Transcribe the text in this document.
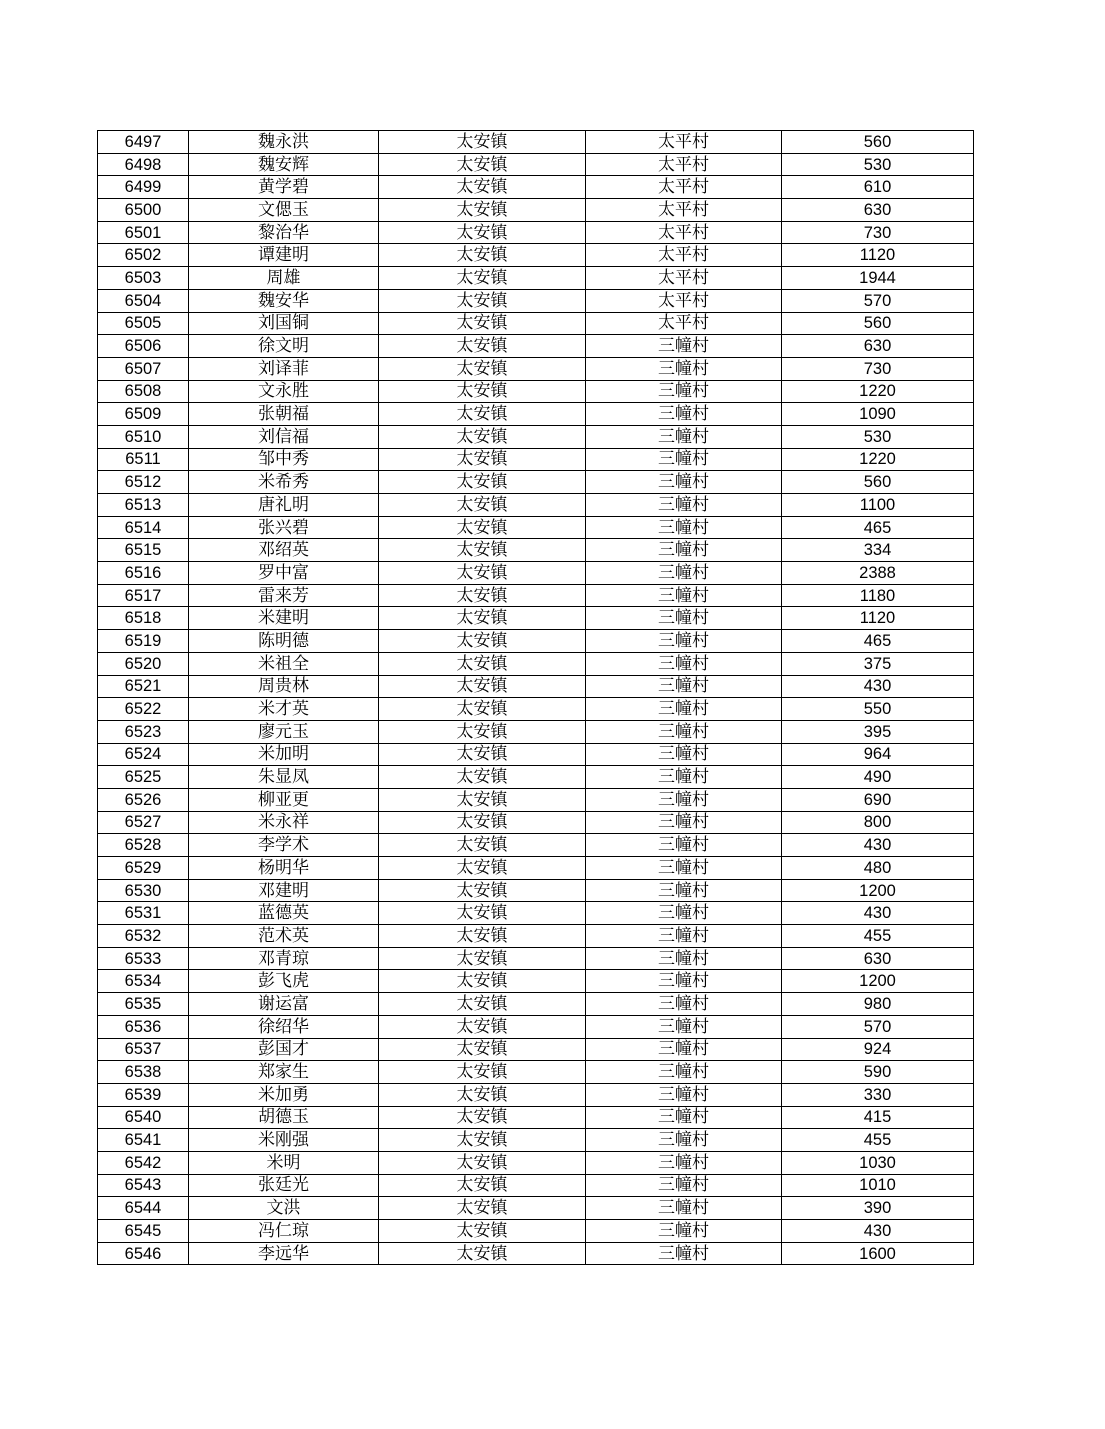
6497	魏永洪	太安镇	太平村	560
6498	魏安辉	太安镇	太平村	530
6499	黄学碧	太安镇	太平村	610
6500	文偲玉	太安镇	太平村	630
6501	黎治华	太安镇	太平村	730
6502	谭建明	太安镇	太平村	1120
6503	周雄	太安镇	太平村	1944
6504	魏安华	太安镇	太平村	570
6505	刘国铜	太安镇	太平村	560
6506	徐文明	太安镇	三幢村	630
6507	刘译菲	太安镇	三幢村	730
6508	文永胜	太安镇	三幢村	1220
6509	张朝福	太安镇	三幢村	1090
6510	刘信福	太安镇	三幢村	530
6511	邹中秀	太安镇	三幢村	1220
6512	米希秀	太安镇	三幢村	560
6513	唐礼明	太安镇	三幢村	1100
6514	张兴碧	太安镇	三幢村	465
6515	邓绍英	太安镇	三幢村	334
6516	罗中富	太安镇	三幢村	2388
6517	雷来芳	太安镇	三幢村	1180
6518	米建明	太安镇	三幢村	1120
6519	陈明德	太安镇	三幢村	465
6520	米祖全	太安镇	三幢村	375
6521	周贵林	太安镇	三幢村	430
6522	米才英	太安镇	三幢村	550
6523	廖元玉	太安镇	三幢村	395
6524	米加明	太安镇	三幢村	964
6525	朱显凤	太安镇	三幢村	490
6526	柳亚更	太安镇	三幢村	690
6527	米永祥	太安镇	三幢村	800
6528	李学术	太安镇	三幢村	430
6529	杨明华	太安镇	三幢村	480
6530	邓建明	太安镇	三幢村	1200
6531	蓝德英	太安镇	三幢村	430
6532	范术英	太安镇	三幢村	455
6533	邓青琼	太安镇	三幢村	630
6534	彭飞虎	太安镇	三幢村	1200
6535	谢运富	太安镇	三幢村	980
6536	徐绍华	太安镇	三幢村	570
6537	彭国才	太安镇	三幢村	924
6538	郑家生	太安镇	三幢村	590
6539	米加勇	太安镇	三幢村	330
6540	胡德玉	太安镇	三幢村	415
6541	米刚强	太安镇	三幢村	455
6542	米明	太安镇	三幢村	1030
6543	张廷光	太安镇	三幢村	1010
6544	文洪	太安镇	三幢村	390
6545	冯仁琼	太安镇	三幢村	430
6546	李远华	太安镇	三幢村	1600
